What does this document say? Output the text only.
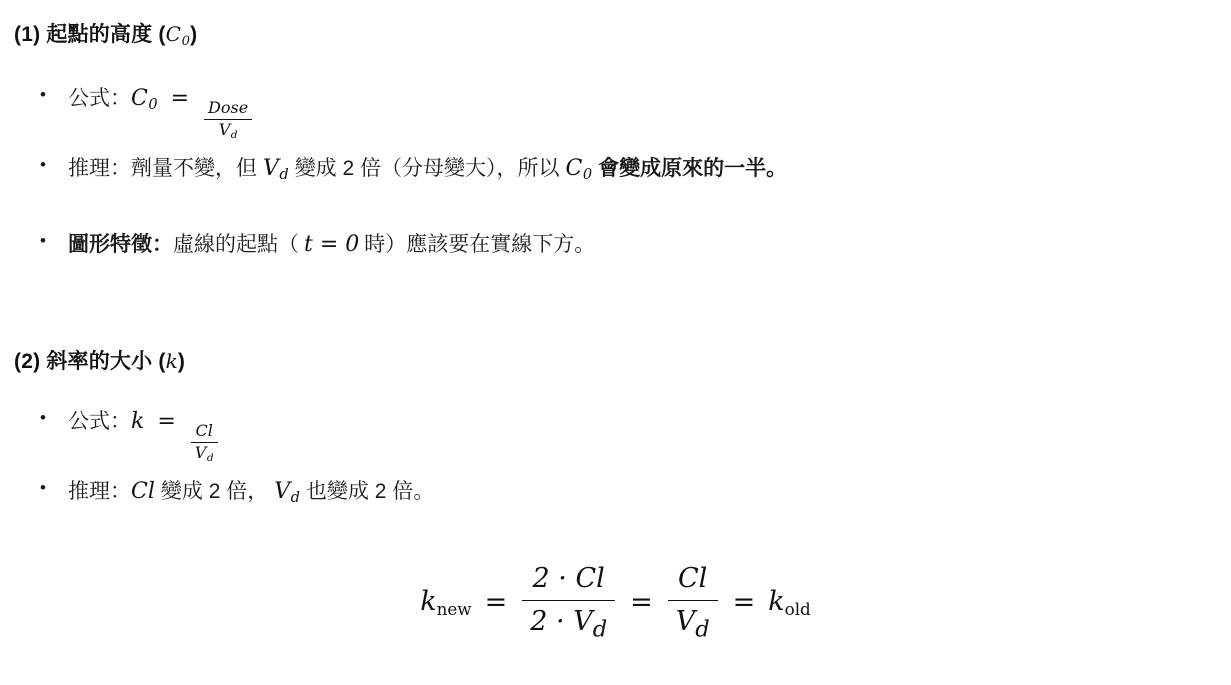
(1) 起點的高度 $(C_0)$
•	公式： $C_0$ =
$\frac{\text{Dose}}{V_d}$
•	推理： 劑量不變，但 $V_d$ 變成 2 倍（分母變大），所以 $C_0$ 會變成原來的一半。
•	圖形特徵： 虛線的起點（ t = 0 時）應該要在實線下方。
(2) 斜率的大小 (k)
•	公式： k =
$\frac{Cl}{V_d}$
•	推理： Cl 變成 2 倍， $V_d$ 也變成 2 倍。
knew = $\frac{2 \cdot Cl}{2 \cdot V_d} = \frac{Cl}{V_d}$ = kold
